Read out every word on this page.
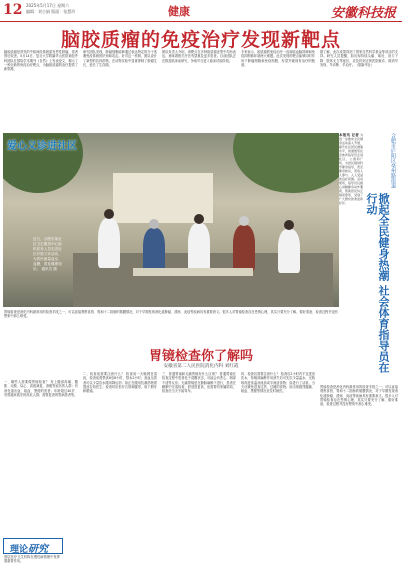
12 2025年5月17日 星期六
编辑：刘小娟 版面：张慧玲	健康	安徽科技报
脑胶质瘤的免疫治疗发现新靶点
脑胶质瘤是常见的中枢神经系统原发恶性肿瘤，患者预后较差。5月14日，复旦大学附属华山医院神经外科团队在国际学术期刊《自然》上发表论文，揭示了一种全新的免疫治疗靶点，为脑胶质瘤的治疗提供了新思路。
研究团队发现，肿瘤细胞能够通过表达特定的分子逃避免疫系统的识别和攻击。针对这一机制，团队设计了新型的抗体药物，在动物实验中显著抑制了肿瘤生长，延长了生存期。
团队负责人介绍，该靶点在多种胶质瘤亚型中均有表达，意味着相关疗法有望惠及更多患者。目前团队正在推进临床前研究，争取早日进入临床试验阶段。
专家表示，胶质瘤的免疫治疗一直面临血脑屏障和免疫抑制微环境两大难题。此次发现的靶点能够同时作用于肿瘤细胞和免疫细胞，有望突破现有治疗的瓶颈。
据了解，此次成果得到了国家自然科学基金等项目的支持。研究人员提醒，如出现持续头痛、呕吐、视力下降、肢体无力等症状，应及时到正规医院就诊，做到早发现、早诊断、早治疗。（据新华社）
爱心义诊进社区
近日，合肥市某社区卫生服务中心组织医务人员走进社区开展义诊活动，为居民测量血压、血糖，普及健康知识。 通讯员 摄
合肥市庐阳区亳州路街道
掀起全民健身热潮 社会体育指导员在行动
本报讯 记者 为进一步推动全民健身活动深入开展，提升社区居民健康水平，街道组织社会体育指导员走进社区、公园和广场，为居民提供科学健身指导，普及健身知识，营造人人参与、人人受益的良好氛围。活动现场，指导员们耐心讲解健身动作要领，帮助居民纠正错误姿势，受到了广大群众的欢迎和好评。
胃镜检查是消化内科最常用的检查手段之一，可以直接观察食管、胃和十二指肠的黏膜情况，对于早期发现消化道肿瘤、溃疡、炎症等疾病具有重要意义。很多人对胃镜检查存在恐惧心理，其实只要充分了解，做好准备，检查过程并没有想象中那么难受。
胃镜检查你了解吗
安徽省第二人民医院消化内科 刘红霞
一、哪些人需要做胃镜检查？ 有上腹部疼痛、腹胀、反酸、烧心、食欲减退、消瘦等症状的人群；有消化道出血、呕血、黑便的患者；年龄超过40岁、有胃癌家族史的高危人群；需要复查的胃病患者等。
二、检查前需要注意什么？ 检查前一天晚餐宜清淡，检查前需禁食6至8小时、禁水2小时；高血压患者可以少量饮水服用降压药；如正在服用抗凝药物需提前告知医生；检查时应松开衣领和腰带，取下假牙和眼镜。
三、普通胃镜和无痛胃镜有什么区别？ 普通胃镜在检查过程中患者处于清醒状态，可能会有恶心、咽部不适等反应；无痛胃镜是在静脉麻醉下进行，患者在睡眠中完成检查，舒适度更高，但需要有家属陪同，检查后当天不能驾车。
四、检查后需要注意什么？ 检查后2小时内不宜进食饮水，待咽部麻醉作用消失后可先饮少量温水，无呛咳再进食温凉流质或半流质食物；如进行了活检，当天应避免进食过热、过硬的食物；如出现剧烈腹痛、呕血、黑便等情况应及时就医。
胃镜检查是消化内科最常用的检查手段之一，可以直接观察食管、胃和十二指肠的黏膜情况，对于早期发现消化道肿瘤、溃疡、炎症等疾病具有重要意义。很多人对胃镜检查存在恐惧心理，其实只要充分了解，做好准备，检查过程并没有想象中那么难受。
理论研究
基层医疗卫生机构在慢性病管理中发挥着重要作用。
